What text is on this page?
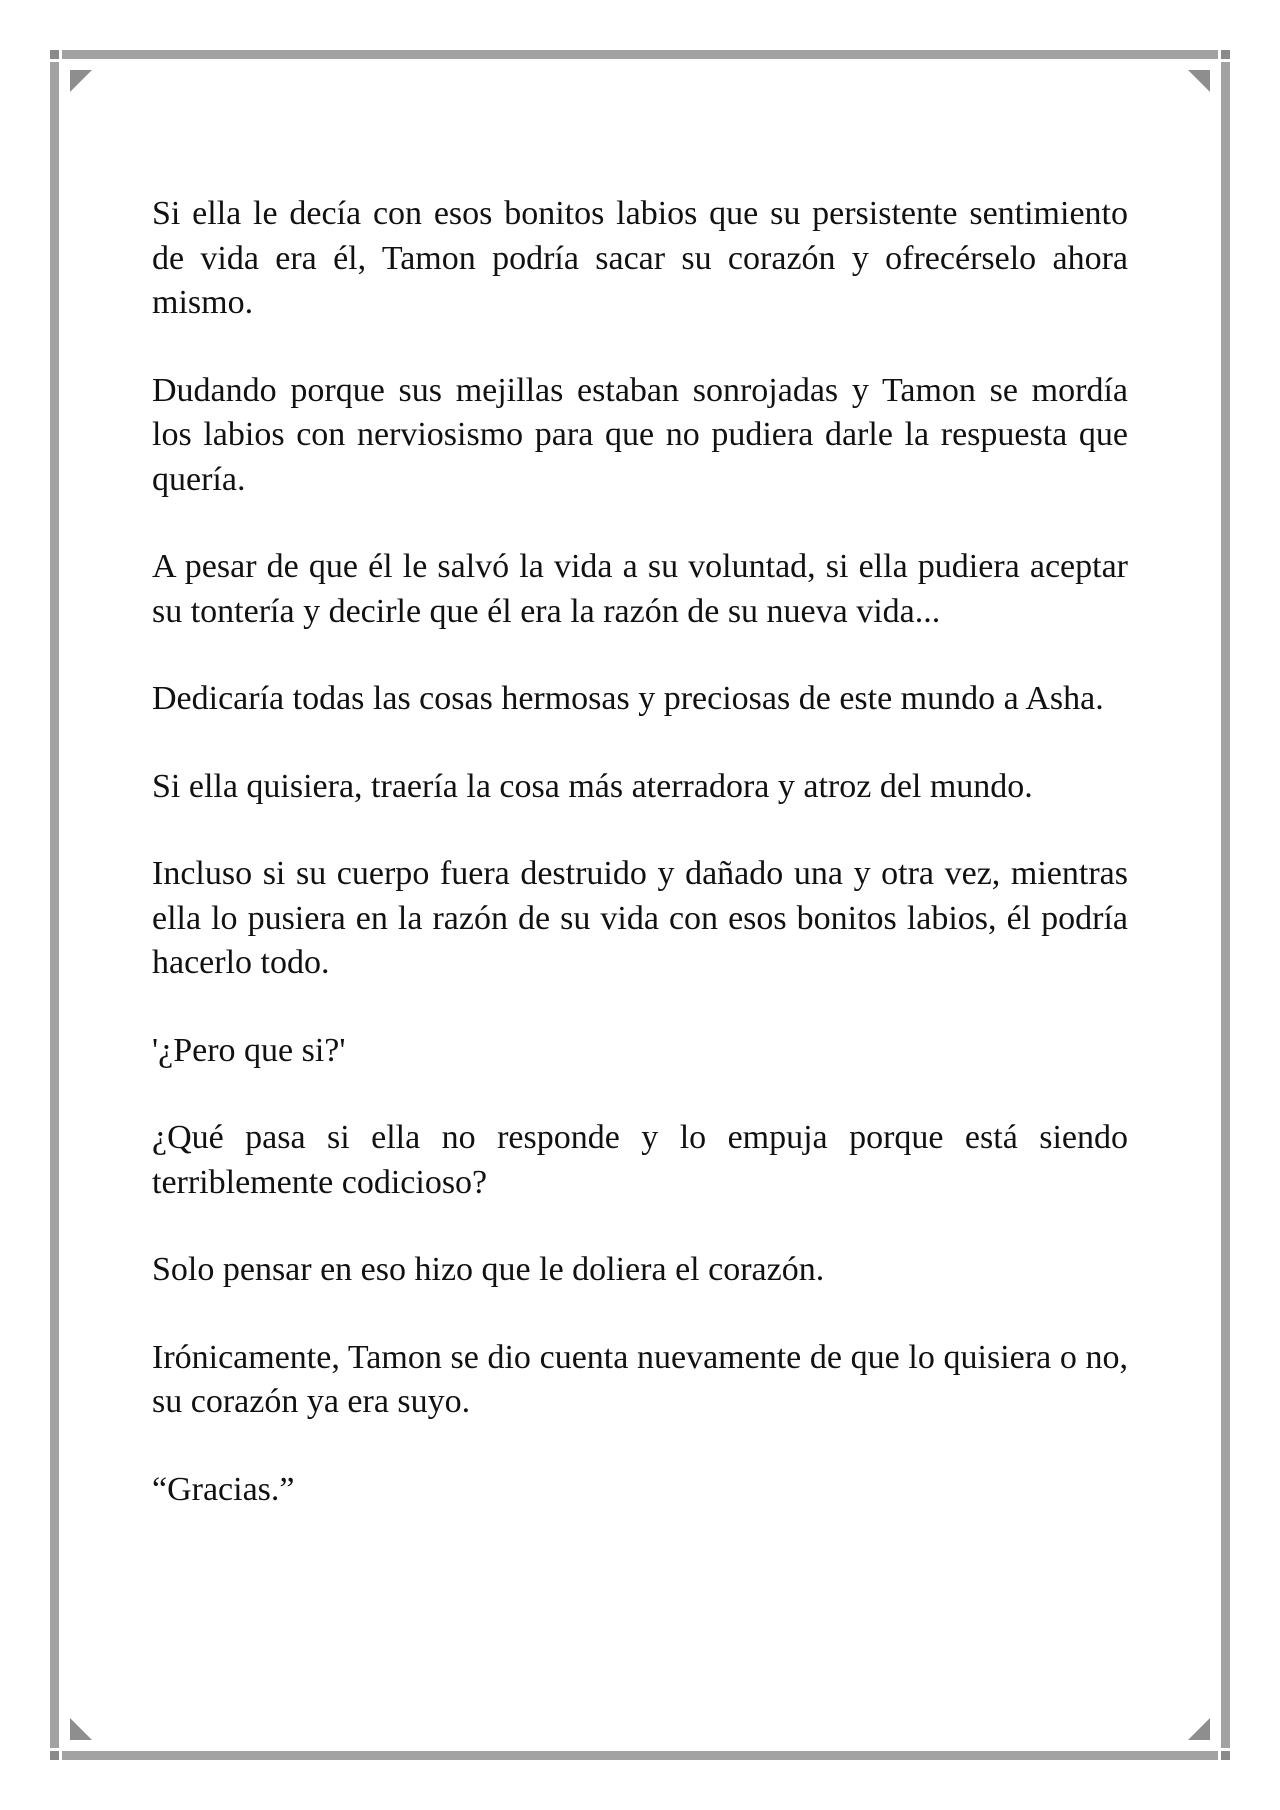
Si ella le decía con esos bonitos labios que su persistente sentimiento de vida era él, Tamon podría sacar su corazón y ofrecérselo ahora mismo.

Dudando porque sus mejillas estaban sonrojadas y Tamon se mordía los labios con nerviosismo para que no pudiera darle la respuesta que quería.

A pesar de que él le salvó la vida a su voluntad, si ella pudiera aceptar su tontería y decirle que él era la razón de su nueva vida...

Dedicaría todas las cosas hermosas y preciosas de este mundo a Asha.

Si ella quisiera, traería la cosa más aterradora y atroz del mundo.

Incluso si su cuerpo fuera destruido y dañado una y otra vez, mientras ella lo pusiera en la razón de su vida con esos bonitos labios, él podría hacerlo todo.

'¿Pero que si?'

¿Qué pasa si ella no responde y lo empuja porque está siendo terriblemente codicioso?

Solo pensar en eso hizo que le doliera el corazón.

Irónicamente, Tamon se dio cuenta nuevamente de que lo quisiera o no, su corazón ya era suyo.

“Gracias.”
